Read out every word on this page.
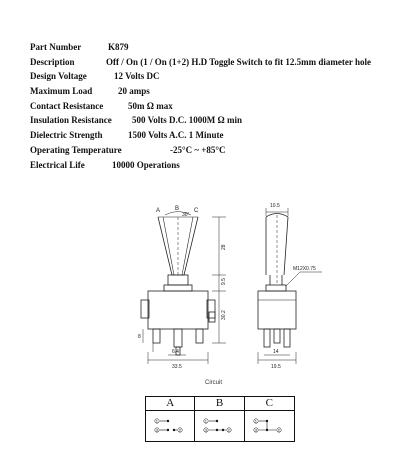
Part Number	K879
Description	Off / On (1 / On (1+2) H.D Toggle Switch to fit 12.5mm diameter hole
Design Voltage	12 Volts DC
Maximum Load	20 amps
Contact Resistance	50m Ω max
Insulation Resistance 500 Volts D.C. 1000M Ω min
Dielectric Strength	1500 Volts A.C. 1 Minute
Operating Temperature	-25°C ~ +85°C
Electrical Life	10000 Operations
A B C
30°
28
9.5
30.2
6.4
33.5
8
10.5
M12X0.75
19.5
14
Circuit
A	B	C
1
3	2
1
3	2
1
3	2
